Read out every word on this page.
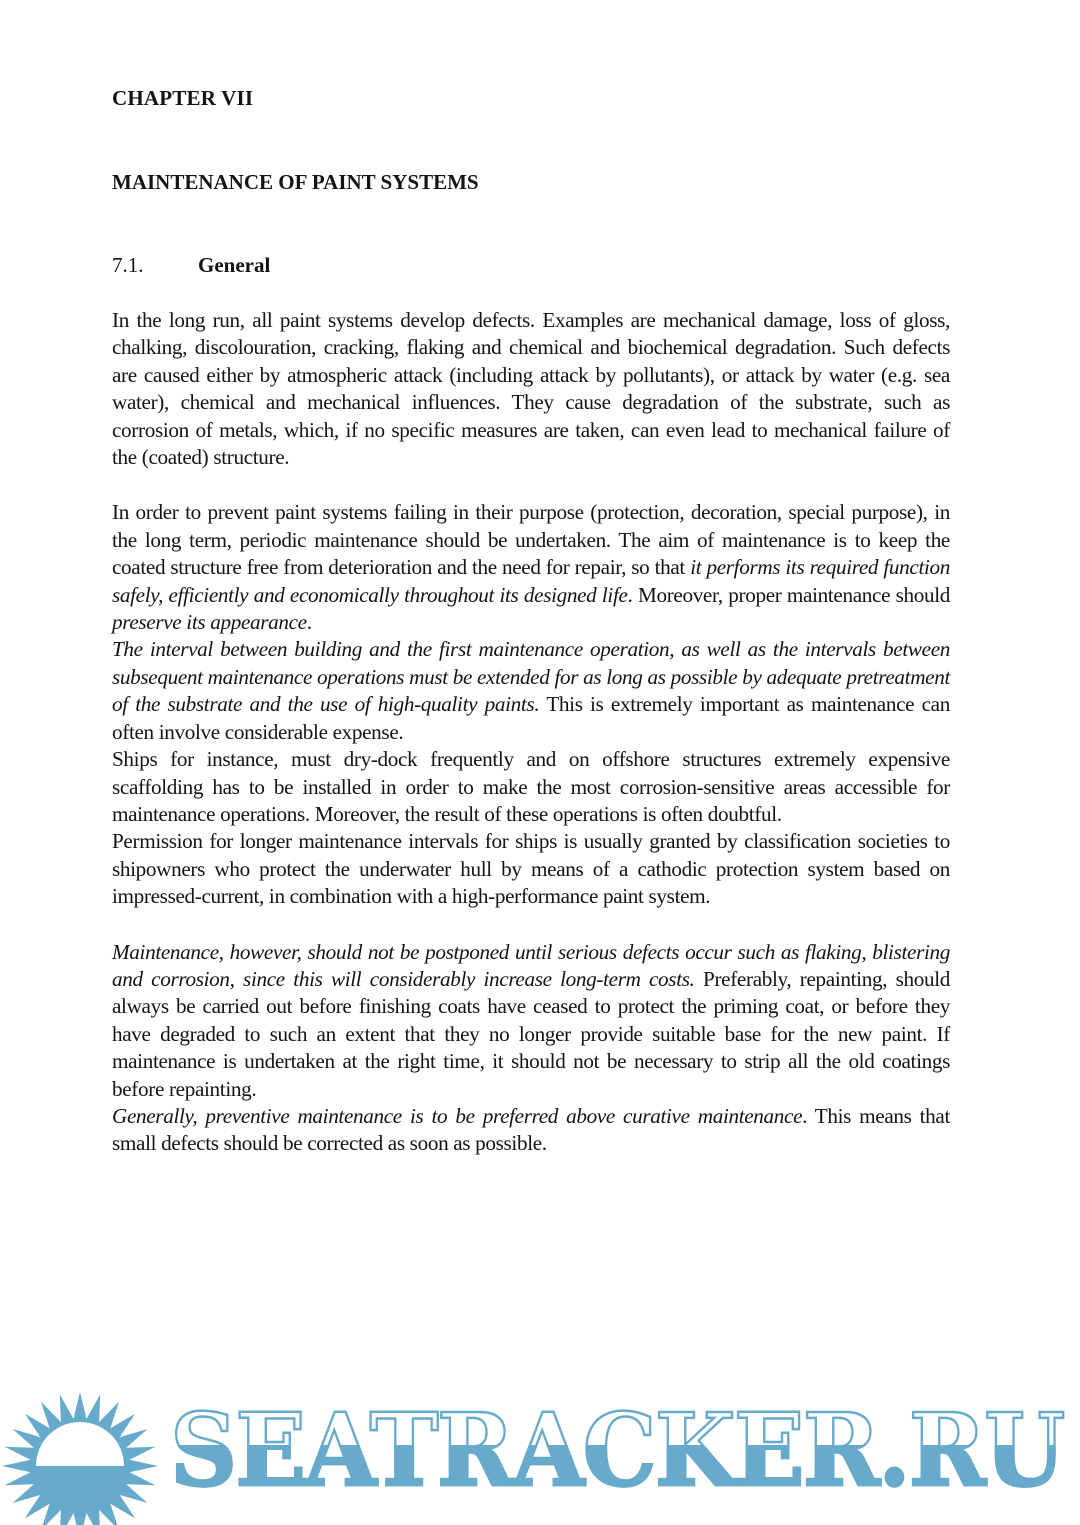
CHAPTER VII
MAINTENANCE OF PAINT SYSTEMS
7.1.	General

In the long run, all paint systems develop defects. Examples are mechanical damage, loss of gloss, chalking, discolouration, cracking, flaking and chemical and biochemical degradation. Such defects are caused either by atmospheric attack (including attack by pollutants), or attack by water (e.g. sea water), chemical and mechanical influences. They cause degradation of the substrate, such as corrosion of metals, which, if no specific measures are taken, can even lead to mechanical failure of the (coated) structure.

In order to prevent paint systems failing in their purpose (protection, decoration, special purpose), in the long term, periodic maintenance should be undertaken. The aim of maintenance is to keep the coated structure free from deterioration and the need for repair, so that it performs its required function safely, efficiently and economically throughout its designed life. Moreover, proper maintenance should preserve its appearance.

The interval between building and the first maintenance operation, as well as the intervals between subsequent maintenance operations must be extended for as long as possible by adequate pretreatment of the substrate and the use of high-quality paints. This is extremely important as maintenance can often involve considerable expense.

Ships for instance, must dry-dock frequently and on offshore structures extremely expensive scaffolding has to be installed in order to make the most corrosion-sensitive areas accessible for maintenance operations. Moreover, the result of these operations is often doubtful.

Permission for longer maintenance intervals for ships is usually granted by classification societies to shipowners who protect the underwater hull by means of a cathodic protection system based on impressed-current, in combination with a high-performance paint system.

Maintenance, however, should not be postponed until serious defects occur such as flaking, blistering and corrosion, since this will considerably increase long-term costs. Preferably, repainting, should always be carried out before finishing coats have ceased to protect the priming coat, or before they have degraded to such an extent that they no longer provide suitable base for the new paint. If maintenance is undertaken at the right time, it should not be necessary to strip all the old coatings before repainting.

Generally, preventive maintenance is to be preferred above curative maintenance. This means that small defects should be corrected as soon as possible.

SEATRACKER.RU
